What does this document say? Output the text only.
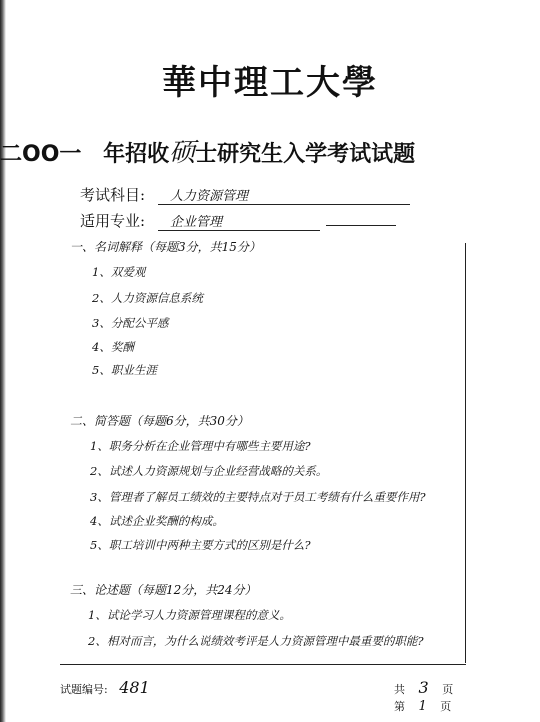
華中理工大學
二OO一 年招收硕士研究生入学考试试题
考试科目: 人力资源管理
适用专业: 企业管理
一、名词解释（每题3分，共15分）
1、双爱观
2、人力资源信息系统
3、分配公平感
4、奖酬
5、职业生涯
二、简答题（每题6分，共30分）
1、职务分析在企业管理中有哪些主要用途?
2、试述人力资源规划与企业经营战略的关系。
3、管理者了解员工绩效的主要特点对于员工考绩有什么重要作用?
4、试述企业奖酬的构成。
5、职工培训中两种主要方式的区别是什么?
三、论述题（每题12分，共24分）
1、试论学习人力资源管理课程的意义。
2、相对而言，为什么说绩效考评是人力资源管理中最重要的职能?
试题编号: 481	共 3 页
第 1 页
